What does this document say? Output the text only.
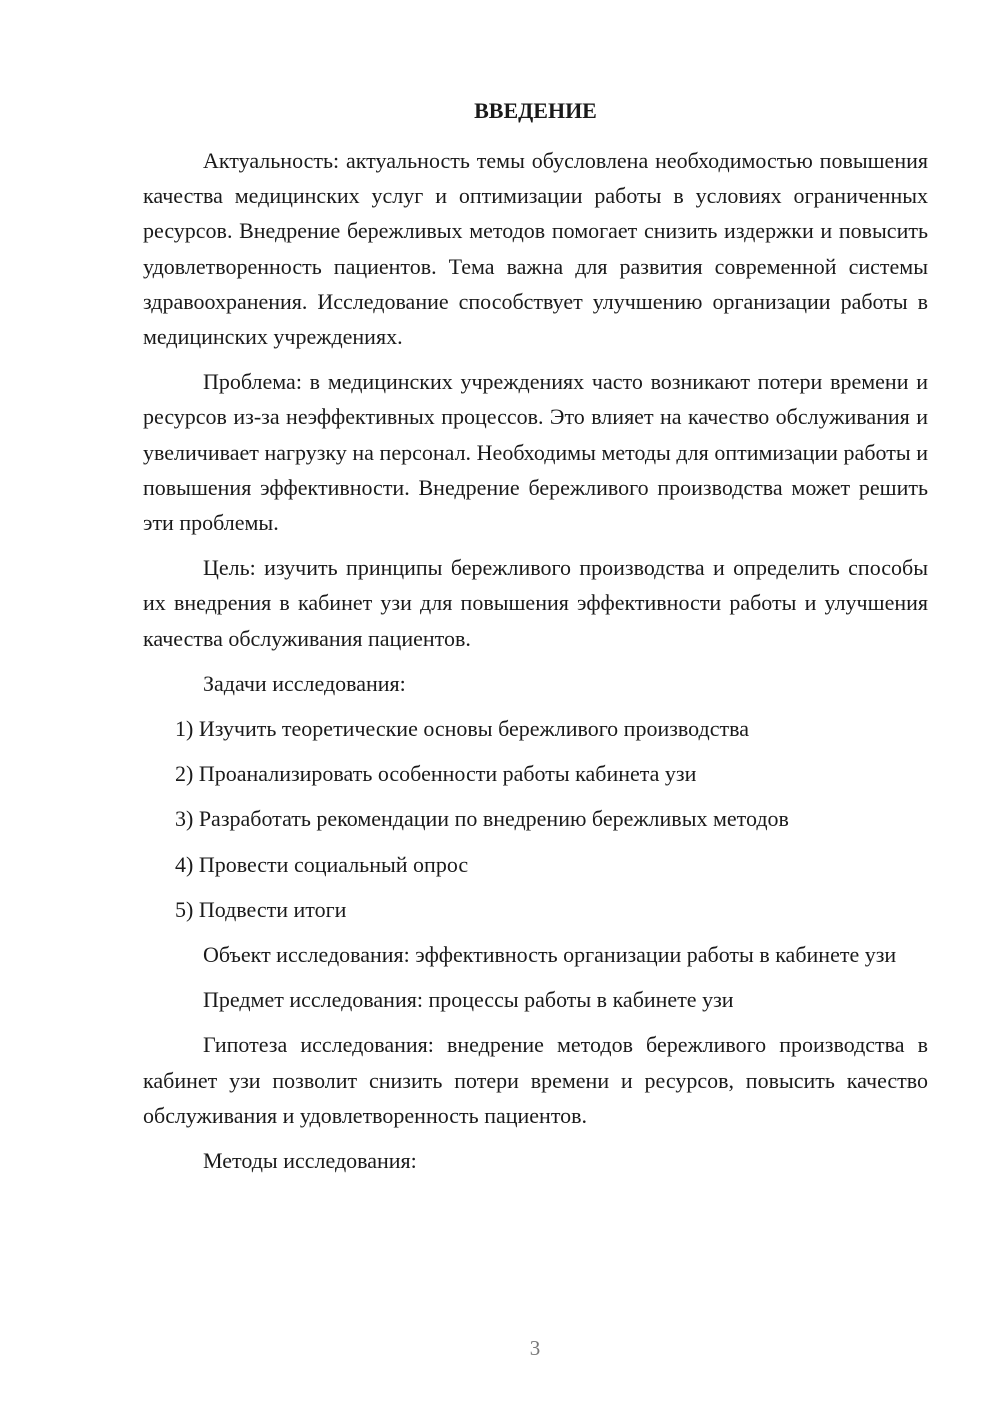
ВВЕДЕНИЕ

Актуальность: актуальность темы обусловлена необходимостью повышения качества медицинских услуг и оптимизации работы в условиях ограниченных ресурсов. Внедрение бережливых методов помогает снизить издержки и повысить удовлетворенность пациентов. Тема важна для развития современной системы здравоохранения. Исследование способствует улучшению организации работы в медицинских учреждениях.

Проблема: в медицинских учреждениях часто возникают потери времени и ресурсов из-за неэффективных процессов. Это влияет на качество обслуживания и увеличивает нагрузку на персонал. Необходимы методы для оптимизации работы и повышения эффективности. Внедрение бережливого производства может решить эти проблемы.

Цель: изучить принципы бережливого производства и определить способы их внедрения в кабинет узи для повышения эффективности работы и улучшения качества обслуживания пациентов.

Задачи исследования:

1) Изучить теоретические основы бережливого производства

2) Проанализировать особенности работы кабинета узи

3) Разработать рекомендации по внедрению бережливых методов

4) Провести социальный опрос

5) Подвести итоги

Объект исследования: эффективность организации работы в кабинете узи

Предмет исследования: процессы работы в кабинете узи

Гипотеза исследования: внедрение методов бережливого производства в кабинет узи позволит снизить потери времени и ресурсов, повысить качество обслуживания и удовлетворенность пациентов.

Методы исследования:

3
